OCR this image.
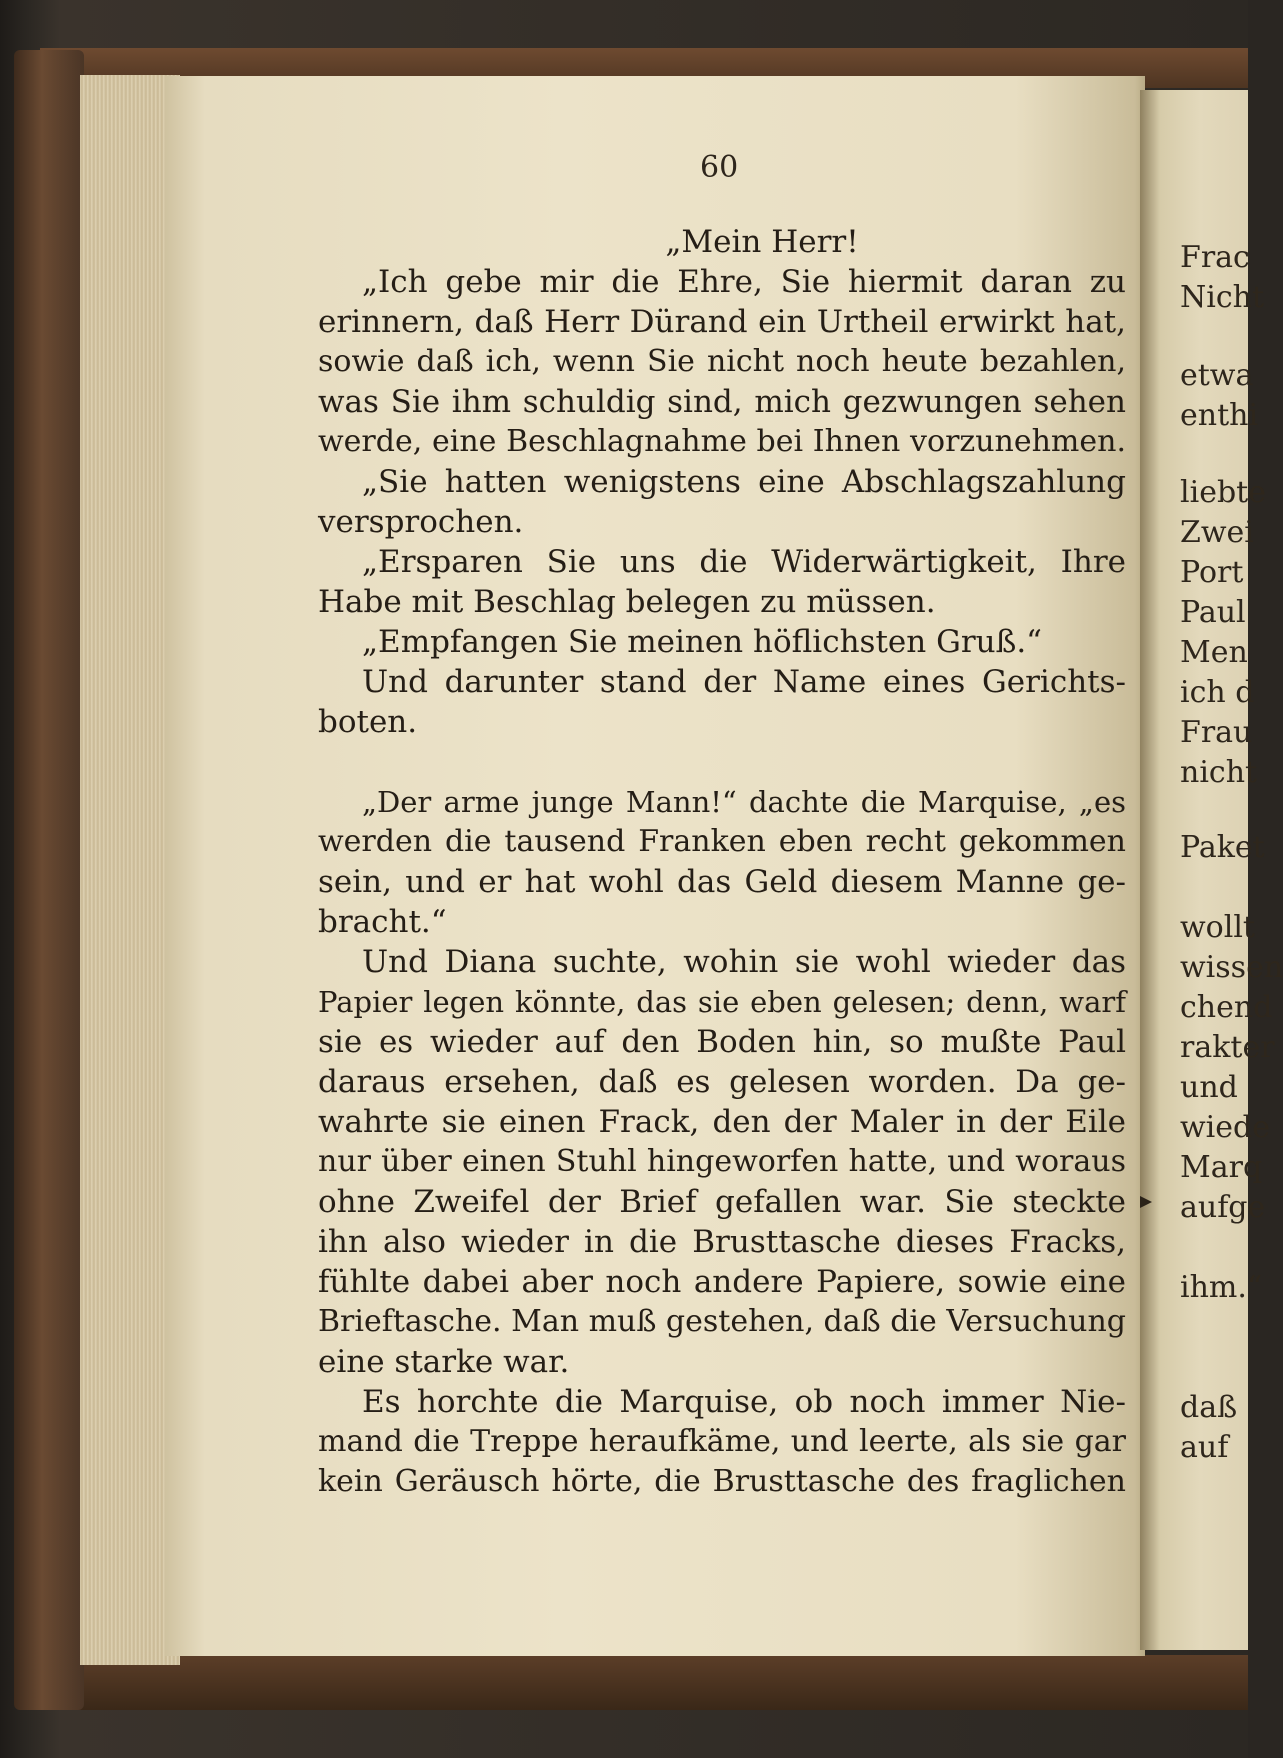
Frac
Nicht
etwa
enthi
liebte
Zwei
Port
Paul
Men
ich d
Frau
nicht
Paket
wollt
wissen
chend
rakter
und
wiede
Marq
aufge
ihm.“
daß
auf
60
„Mein Herr!
„Ich gebe mir die Ehre, Sie hiermit daran zu
erinnern, daß Herr Dürand ein Urtheil erwirkt hat,
sowie daß ich, wenn Sie nicht noch heute bezahlen,
was Sie ihm schuldig sind, mich gezwungen sehen
werde, eine Beschlagnahme bei Ihnen vorzunehmen.
„Sie hatten wenigstens eine Abschlagszahlung
versprochen.
„Ersparen Sie uns die Widerwärtigkeit, Ihre
Habe mit Beschlag belegen zu müssen.
„Empfangen Sie meinen höflichsten Gruß.“
Und darunter stand der Name eines Gerichts-
boten.
„Der arme junge Mann!“ dachte die Marquise, „es
werden die tausend Franken eben recht gekommen
sein, und er hat wohl das Geld diesem Manne ge-
bracht.“
Und Diana suchte, wohin sie wohl wieder das
Papier legen könnte, das sie eben gelesen; denn, warf
sie es wieder auf den Boden hin, so mußte Paul
daraus ersehen, daß es gelesen worden. Da ge-
wahrte sie einen Frack, den der Maler in der Eile
nur über einen Stuhl hingeworfen hatte, und woraus
ohne Zweifel der Brief gefallen war. Sie steckte
ihn also wieder in die Brusttasche dieses Fracks,
fühlte dabei aber noch andere Papiere, sowie eine
Brieftasche. Man muß gestehen, daß die Versuchung
eine starke war.
Es horchte die Marquise, ob noch immer Nie-
mand die Treppe heraufkäme, und leerte, als sie gar
kein Geräusch hörte, die Brusttasche des fraglichen
